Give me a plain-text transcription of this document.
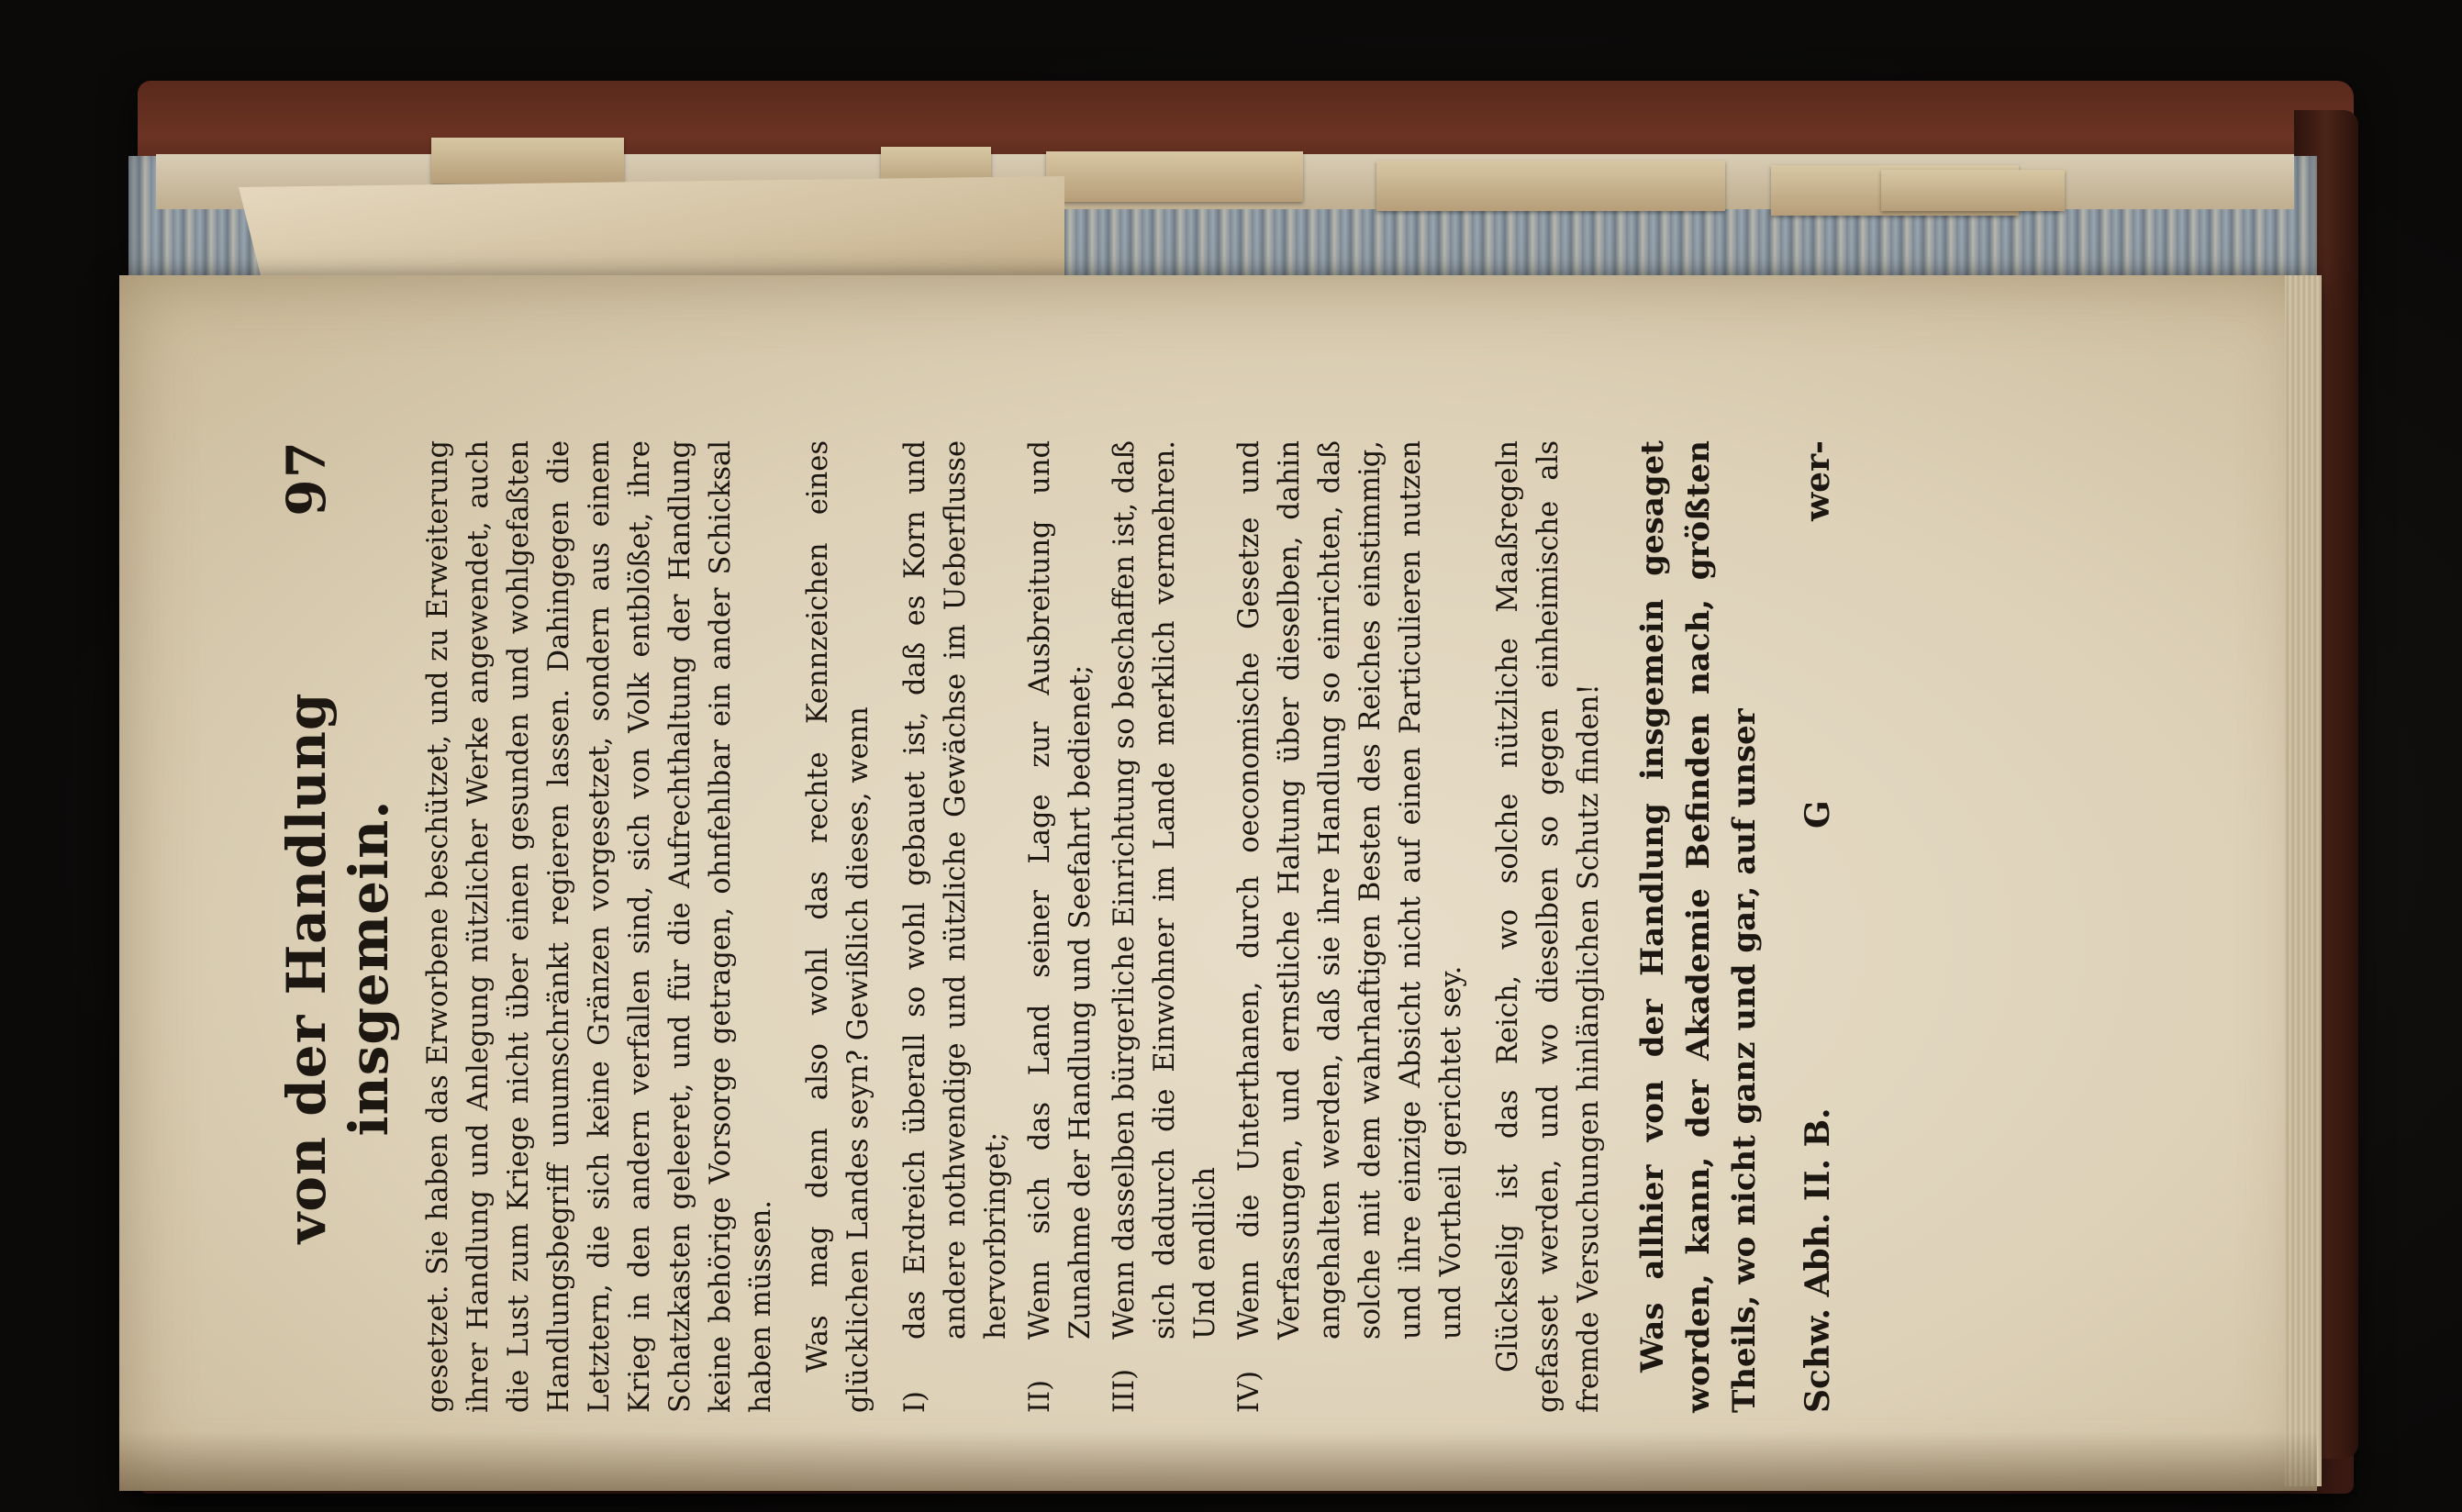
von der Handlung insgemein.
97	gesetzet. Sie haben das Erworbene beschützet, und zu Erweiterung ihrer Handlung und Anlegung nützlicher Werke angewendet, auch die Lust zum Kriege nicht über einen gesunden und wohlgefaßten Handlungsbegriff unumschränkt regieren lassen. Dahingegen die Letztern, die sich keine Gränzen vorgesetzet, sondern aus einem Krieg in den andern verfallen sind, sich von Volk entblößet, ihre Schatzkasten geleeret, und für die Aufrechthaltung der Handlung keine behörige Vorsorge getragen, ohnfehlbar ein ander Schicksal haben müssen. Was mag denn also wohl das rechte Kennzeichen eines glücklichen Landes seyn? Gewißlich dieses, wenn I)
das Erdreich überall so wohl gebauet ist, daß es Korn und andere nothwendige und nützliche Gewächse im Ueberflusse hervorbringet;
II)
Wenn sich das Land seiner Lage zur Ausbreitung und Zunahme der Handlung und Seefahrt bedienet;
III)
Wenn dasselben bürgerliche Einrichtung so beschaffen ist, daß sich dadurch die Einwohner im Lande merklich vermehren. Und endlich
IV)
Wenn die Unterthanen, durch oeconomische Gesetze und Verfassungen, und ernstliche Haltung über dieselben, dahin angehalten werden, daß sie ihre Handlung so einrichten, daß solche mit dem wahrhaftigen Besten des Reiches einstimmig, und ihre einzige Absicht nicht auf einen Particulieren nutzen und Vortheil gerichtet sey. Glückselig ist das Reich, wo solche nützliche Maaßregeln gefasset werden, und wo dieselben so gegen einheimische als fremde Versuchungen hinlänglichen Schutz finden! Was allhier von der Handlung insgemein gesaget worden, kann, der Akademie Befinden nach, größten Theils, wo nicht ganz und gar, auf unser Schw. Abh. II. B.
G
wer-
